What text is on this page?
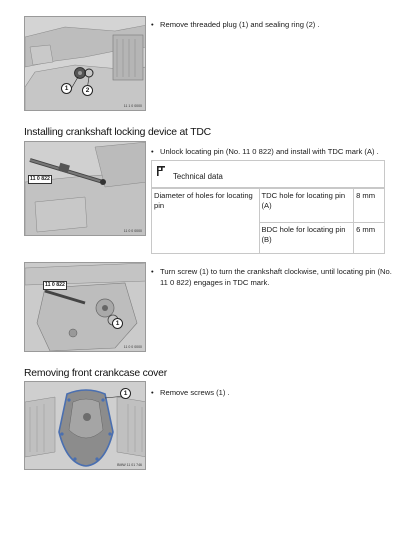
1	2
11 1 0 0000
• Remove threaded plug (1) and sealing ring (2) .
Installing crankshaft locking device at TDC
11 0 822
11 0 0 0000
• Unlock locating pin (No. 11 0 822) and install with TDC mark (A) .
Technical data
Diameter of holes for locating pin	TDC hole for locating pin (A)	8 mm
	BDC hole for locating pin (B)	6 mm
11 0 822
1
11 0 0 0000
• Turn screw (1) to turn the crankshaft clockwise, until locating pin (No. 11 0 822) engages in TDC mark.
Removing front crankcase cover
1
BMW 11 01 746
• Remove screws (1) .
